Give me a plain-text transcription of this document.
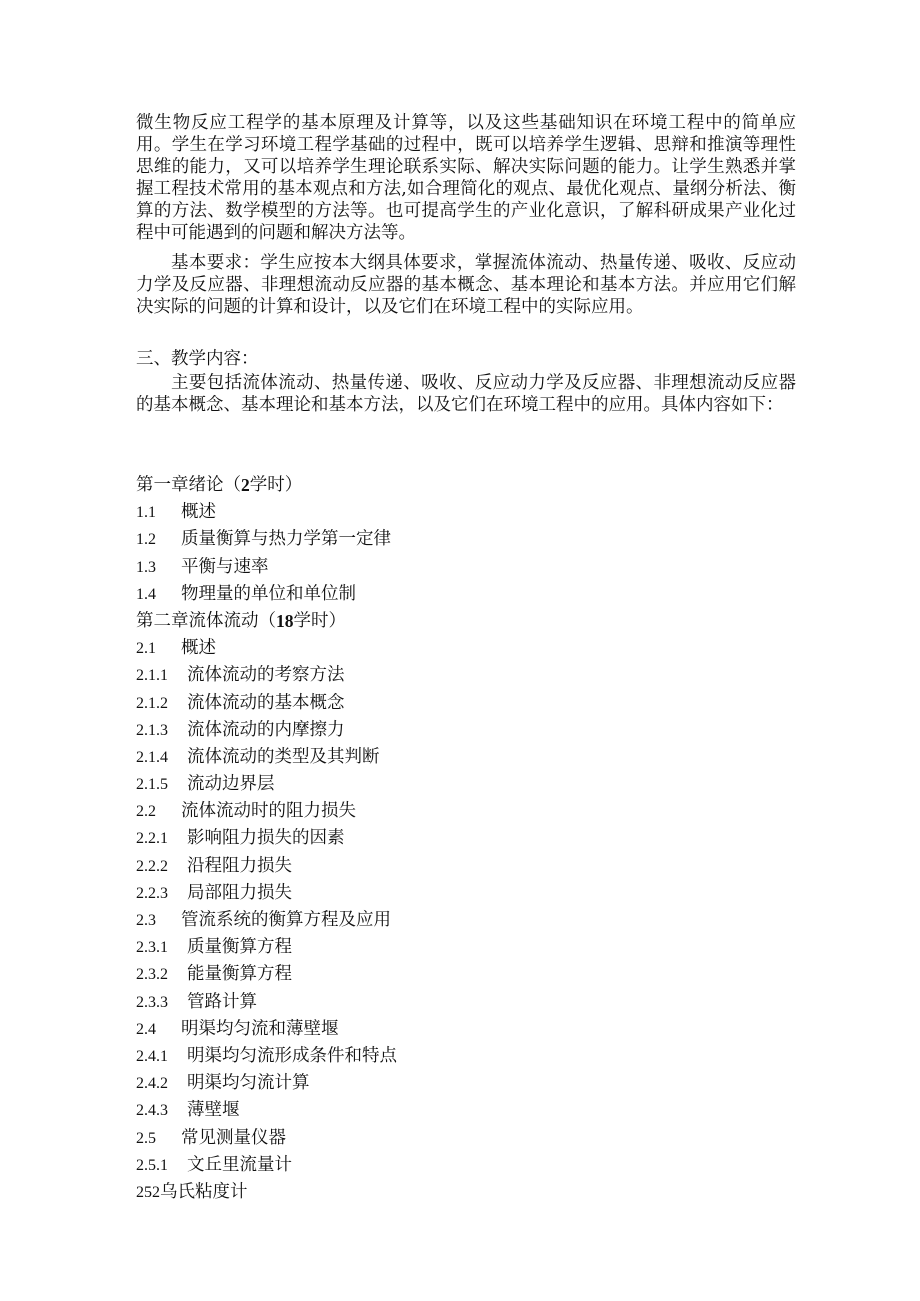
微生物反应工程学的基本原理及计算等，以及这些基础知识在环境工程中的简单应用。学生在学习环境工程学基础的过程中，既可以培养学生逻辑、思辩和推演等理性思维的能力，又可以培养学生理论联系实际、解决实际问题的能力。让学生熟悉并掌握工程技术常用的基本观点和方法,如合理简化的观点、最优化观点、量纲分析法、衡算的方法、数学模型的方法等。也可提高学生的产业化意识，了解科研成果产业化过程中可能遇到的问题和解决方法等。

基本要求：学生应按本大纲具体要求，掌握流体流动、热量传递、吸收、反应动力学及反应器、非理想流动反应器的基本概念、基本理论和基本方法。并应用它们解决实际的问题的计算和设计，以及它们在环境工程中的实际应用。

三、教学内容：

主要包括流体流动、热量传递、吸收、反应动力学及反应器、非理想流动反应器的基本概念、基本理论和基本方法，以及它们在环境工程中的应用。具体内容如下：

第一章绪论（ 2 学时）
1.1	概述
1.2	质量衡算与热力学第一定律
1.3	平衡与速率
1.4	物理量的单位和单位制
第二章流体流动（ 18 学时）
2.1	概述
2.1.1	流体流动的考察方法
2.1.2	流体流动的基本概念
2.1.3	流体流动的内摩擦力
2.1.4	流体流动的类型及其判断
2.1.5	流动边界层
2.2	流体流动时的阻力损失
2.2.1	影响阻力损失的因素
2.2.2	沿程阻力损失
2.2.3	局部阻力损失
2.3	管流系统的衡算方程及应用
2.3.1	质量衡算方程
2.3.2	能量衡算方程
2.3.3	管路计算
2.4	明渠均匀流和薄壁堰
2.4.1	明渠均匀流形成条件和特点
2.4.2	明渠均匀流计算
2.4.3	薄壁堰
2.5	常见测量仪器
2.5.1	文丘里流量计
252 乌氏粘度计
